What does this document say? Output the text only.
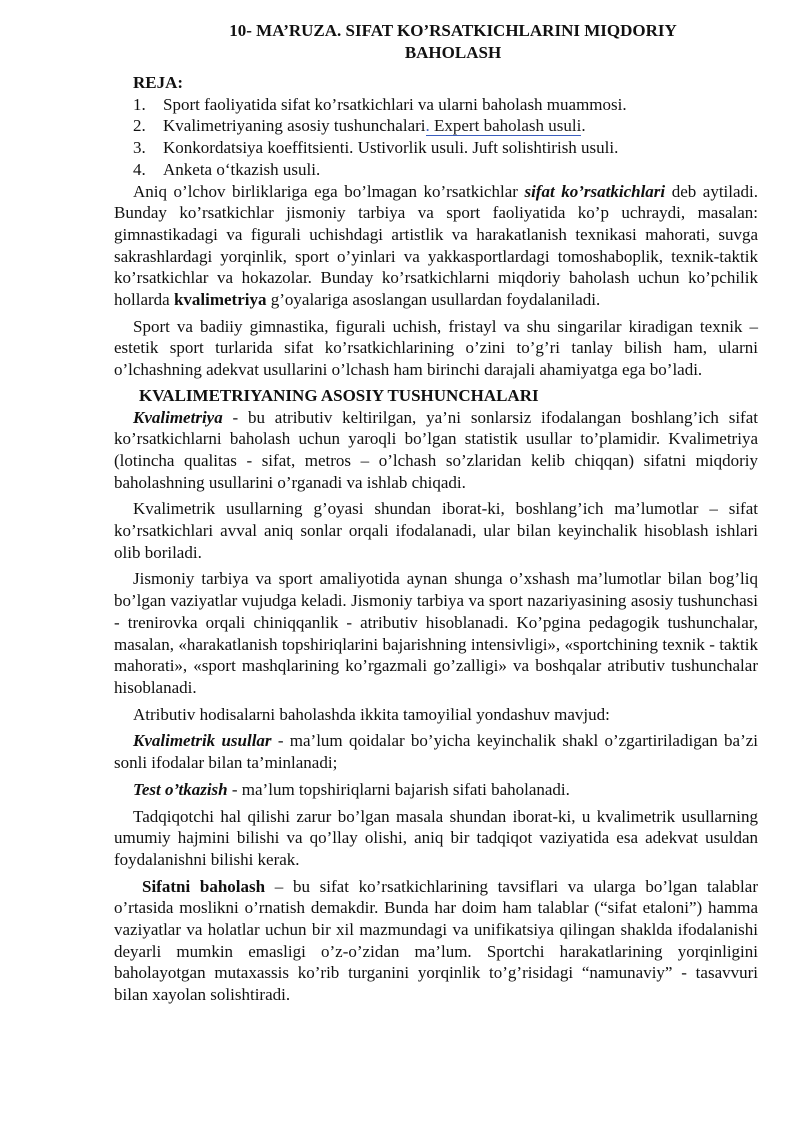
10- MA’RUZA. SIFAT KO’RSATKICHLARINI MIQDORIY
BAHOLASH
REJA:
1.	Sport faoliyatida sifat ko’rsatkichlari va ularni baholash muammosi.
2.	Kvalimetriyaning asosiy tushunchalari. Expert baholash usuli.
3.	Konkordatsiya koeffitsienti. Ustivorlik usuli. Juft solishtirish usuli.
4.	Anketa o‘tkazish usuli.

Aniq o’lchov birliklariga ega bo’lmagan ko’rsatkichlar sifat ko’rsatkichlari deb aytiladi. Bunday ko’rsatkichlar jismoniy tarbiya va sport faoliyatida ko’p uchraydi, masalan: gimnastikadagi va figurali uchishdagi artistlik va harakatlanish texnikasi mahorati, suvga sakrashlardagi yorqinlik, sport o’yinlari va yakkasportlardagi tomoshaboplik, texnik-taktik ko’rsatkichlar va hokazolar. Bunday ko’rsatkichlarni miqdoriy baholash uchun ko’pchilik hollarda kvalimetriya g’oyalariga asoslangan usullardan foydalaniladi.

Sport va badiiy gimnastika, figurali uchish, fristayl va shu singarilar kiradigan texnik – estetik sport turlarida sifat ko’rsatkichlarining o’zini to’g’ri tanlay bilish ham, ularni o’lchashning adekvat usullarini o’lchash ham birinchi darajali ahamiyatga ega bo’ladi.

KVALIMETRIYANING ASOSIY TUSHUNCHALARI

Kvalimetriya - bu atributiv keltirilgan, ya’ni sonlarsiz ifodalangan boshlang’ich sifat ko’rsatkichlarni baholash uchun yaroqli bo’lgan statistik usullar to’plamidir. Kvalimetriya (lotincha qualitas - sifat, metros – o’lchash so’zlaridan kelib chiqqan) sifatni miqdoriy baholashning usullarini o’rganadi va ishlab chiqadi.

Kvalimetrik usullarning g’oyasi shundan iborat-ki, boshlang’ich ma’lumotlar – sifat ko’rsatkichlari avval aniq sonlar orqali ifodalanadi, ular bilan keyinchalik hisoblash ishlari olib boriladi.

Jismoniy tarbiya va sport amaliyotida aynan shunga o’xshash ma’lumotlar bilan bog’liq bo’lgan vaziyatlar vujudga keladi. Jismoniy tarbiya va sport nazariyasining asosiy tushunchasi - trenirovka orqali chiniqqanlik - atributiv hisoblanadi. Ko’pgina pedagogik tushunchalar, masalan, «harakatlanish topshiriqlarini bajarishning intensivligi», «sportchining texnik - taktik mahorati», «sport mashqlarining ko’rgazmali go’zalligi» va boshqalar atributiv tushunchalar hisoblanadi.

Atributiv hodisalarni baholashda ikkita tamoyilial yondashuv mavjud:

Kvalimetrik usullar - ma’lum qoidalar bo’yicha keyinchalik shakl o’zgartiriladigan ba’zi sonli ifodalar bilan ta’minlanadi;

Test o’tkazish - ma’lum topshiriqlarni bajarish sifati baholanadi.

Tadqiqotchi hal qilishi zarur bo’lgan masala shundan iborat-ki, u kvalimetrik usullarning umumiy hajmini bilishi va qo’llay olishi, aniq bir tadqiqot vaziyatida esa adekvat usuldan foydalanishni bilishi kerak.

Sifatni baholash – bu sifat ko’rsatkichlarining tavsiflari va ularga bo’lgan talablar o’rtasida moslikni o’rnatish demakdir. Bunda har doim ham talablar (“sifat etaloni”) hamma vaziyatlar va holatlar uchun bir xil mazmundagi va unifikatsiya qilingan shaklda ifodalanishi deyarli mumkin emasligi o’z-o’zidan ma’lum. Sportchi harakatlarining yorqinligini baholayotgan mutaxassis ko’rib turganini yorqinlik to’g’risidagi “namunaviy” - tasavvuri bilan xayolan solishtiradi.
